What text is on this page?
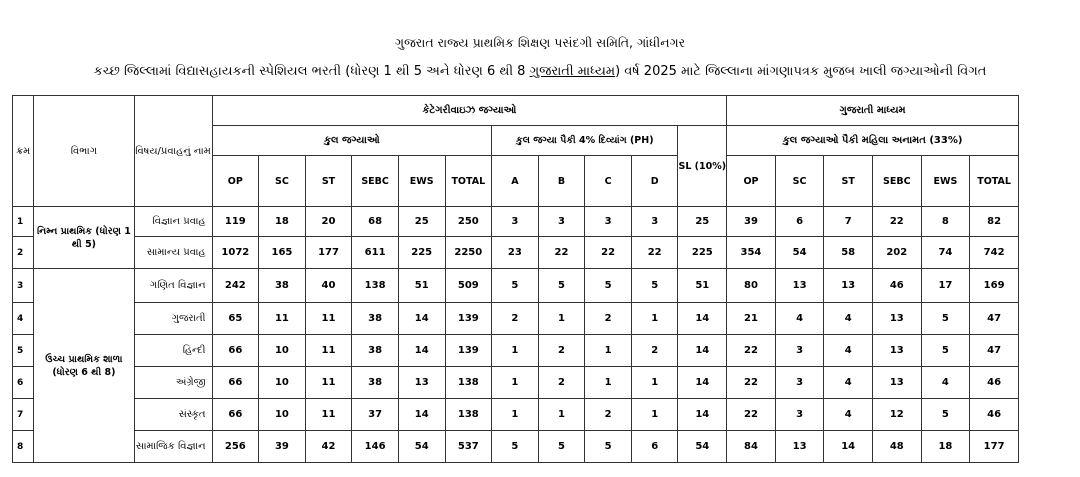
ગુજરાત રાજ્ય પ્રાથમિક શિક્ષણ પસંદગી સમિતિ, ગાંધીનગર
કચ્છ જિલ્લામાં વિદ્યાસહાયકની સ્પેશિયલ ભરતી (ધોરણ 1 થી 5 અને ધોરણ 6 થી 8 ગુજરાતી માધ્યમ) વર્ષ 2025 માટે જિલ્લાના માંગણાપત્રક મુજબ ખાલી જગ્યાઓની વિગત
ક્રમ	વિભાગ	વિષય/પ્રવાહનું નામ	કેટેગરીવાઇઝ જગ્યાઓ											ગુજરાતી માધ્યમ					
			કુલ જગ્યાઓ						કુલ જગ્યા પૈકી 4% દિવ્યાંગ (PH)				SL (10%)	કુલ જગ્યાઓ પૈકી મહિલા અનામત (33%)					
			OP	SC	ST	SEBC	EWS	TOTAL	A	B	C	D		OP	SC	ST	SEBC	EWS	TOTAL
1	નિમ્ન પ્રાથમિક (ધોરણ 1 થી 5)	વિજ્ઞાન પ્રવાહ	119	18	20	68	25	250	3	3	3	3	25	39	6	7	22	8	82
2		સામાન્ય પ્રવાહ	1072	165	177	611	225	2250	23	22	22	22	225	354	54	58	202	74	742
3	ઉચ્ચ પ્રાથમિક શાળા (ધોરણ 6 થી 8)	ગણિત વિજ્ઞાન	242	38	40	138	51	509	5	5	5	5	51	80	13	13	46	17	169
4		ગુજરાતી	65	11	11	38	14	139	2	1	2	1	14	21	4	4	13	5	47
5		હિન્દી	66	10	11	38	14	139	1	2	1	2	14	22	3	4	13	5	47
6		અંગ્રેજી	66	10	11	38	13	138	1	2	1	1	14	22	3	4	13	4	46
7		સંસ્કૃત	66	10	11	37	14	138	1	1	2	1	14	22	3	4	12	5	46
8		સામાજિક વિજ્ઞાન	256	39	42	146	54	537	5	5	5	6	54	84	13	14	48	18	177
